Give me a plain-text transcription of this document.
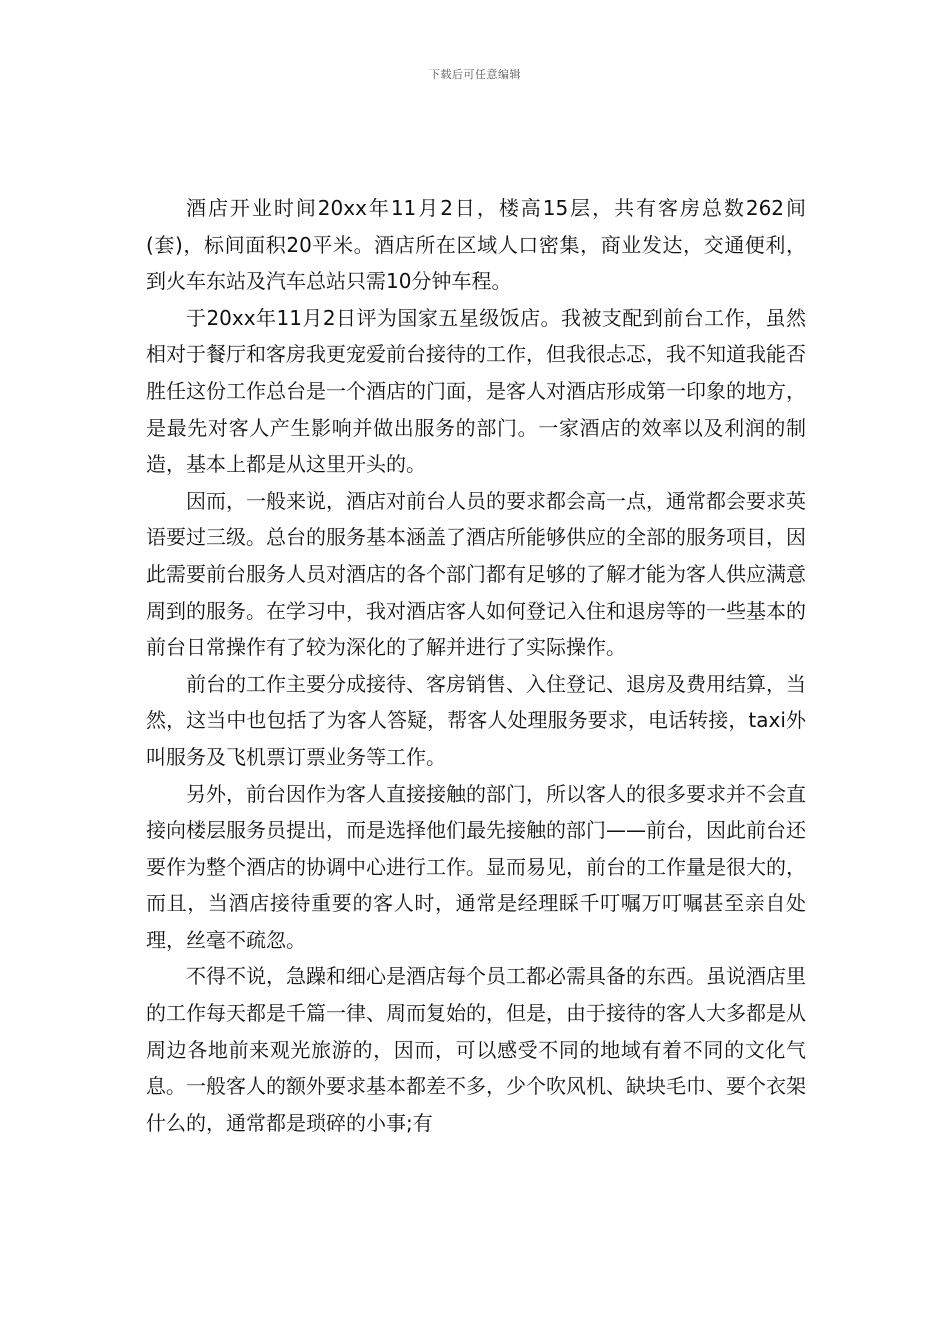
下载后可任意编辑

酒店开业时间20xx年11月2日，楼高15层，共有客房总数262间(套)，标间面积20平米。酒店所在区域人口密集，商业发达，交通便利，到火车东站及汽车总站只需10分钟车程。

于20xx年11月2日评为国家五星级饭店。我被支配到前台工作，虽然相对于餐厅和客房我更宠爱前台接待的工作，但我很忐忑，我不知道我能否胜任这份工作总台是一个酒店的门面，是客人对酒店形成第一印象的地方，是最先对客人产生影响并做出服务的部门。一家酒店的效率以及利润的制造，基本上都是从这里开头的。

因而，一般来说，酒店对前台人员的要求都会高一点，通常都会要求英语要过三级。总台的服务基本涵盖了酒店所能够供应的全部的服务项目，因此需要前台服务人员对酒店的各个部门都有足够的了解才能为客人供应满意周到的服务。在学习中，我对酒店客人如何登记入住和退房等的一些基本的前台日常操作有了较为深化的了解并进行了实际操作。

前台的工作主要分成接待、客房销售、入住登记、退房及费用结算，当然，这当中也包括了为客人答疑，帮客人处理服务要求，电话转接，taxi外叫服务及飞机票订票业务等工作。

另外，前台因作为客人直接接触的部门，所以客人的很多要求并不会直接向楼层服务员提出，而是选择他们最先接触的部门——前台，因此前台还要作为整个酒店的协调中心进行工作。显而易见，前台的工作量是很大的，而且，当酒店接待重要的客人时，通常是经理睬千叮嘱万叮嘱甚至亲自处理，丝毫不疏忽。

不得不说，急躁和细心是酒店每个员工都必需具备的东西。虽说酒店里的工作每天都是千篇一律、周而复始的，但是，由于接待的客人大多都是从周边各地前来观光旅游的，因而，可以感受不同的地域有着不同的文化气息。一般客人的额外要求基本都差不多，少个吹风机、缺块毛巾、要个衣架什么的，通常都是琐碎的小事;有
